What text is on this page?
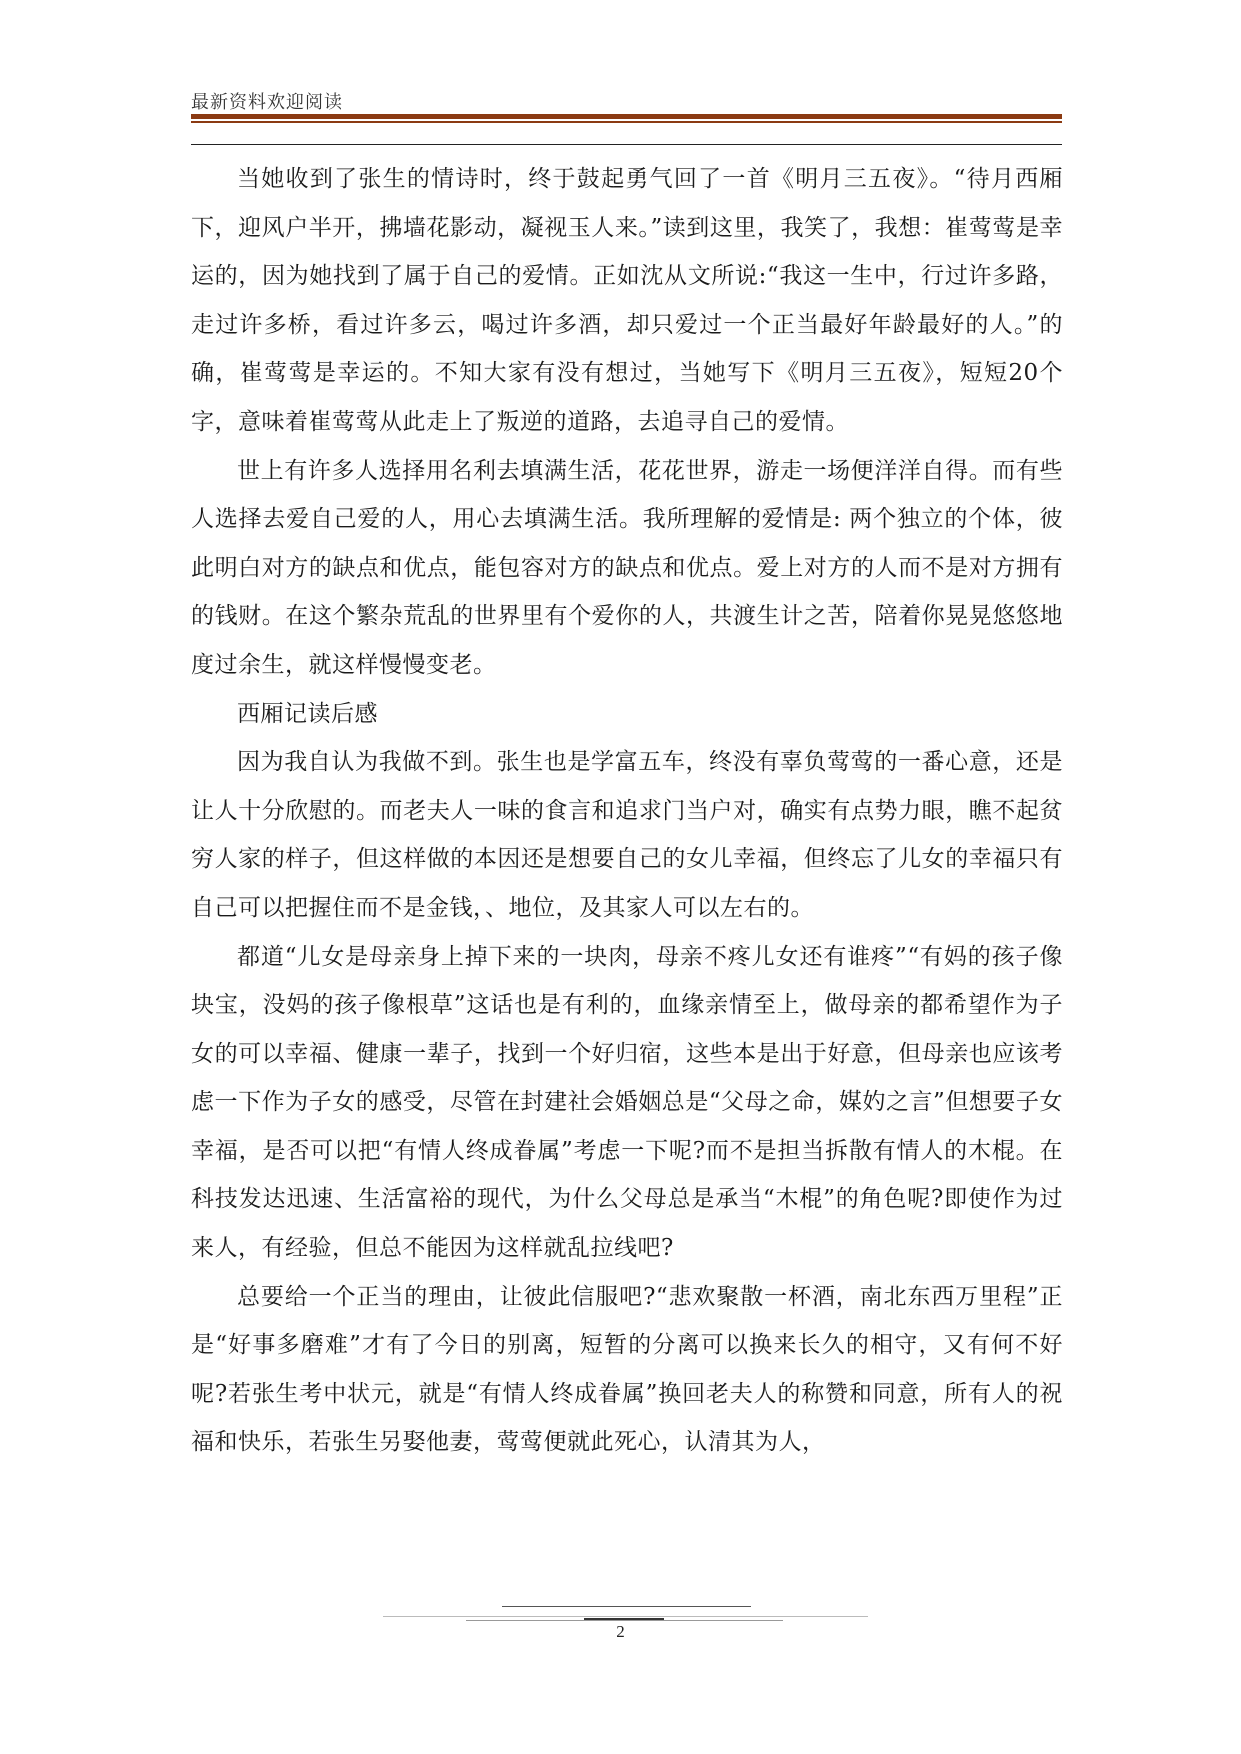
最新资料欢迎阅读

当她收到了张生的情诗时，终于鼓起勇气回了一首《明月三五夜》。“待月西厢下，迎风户半开，拂墙花影动，凝视玉人来。”读到这里，我笑了，我想：崔莺莺是幸运的，因为她找到了属于自己的爱情。正如沈从文所说:“我这一生中，行过许多路，走过许多桥，看过许多云，喝过许多酒，却只爱过一个正当最好年龄最好的人。”的确，崔莺莺是幸运的。不知大家有没有想过，当她写下《明月三五夜》，短短20个字，意味着崔莺莺从此走上了叛逆的道路，去追寻自己的爱情。

世上有许多人选择用名利去填满生活，花花世界，游走一场便洋洋自得。而有些人选择去爱自己爱的人，用心去填满生活。我所理解的爱情是: 两个独立的个体，彼此明白对方的缺点和优点，能包容对方的缺点和优点。爱上对方的人而不是对方拥有的钱财。在这个繁杂荒乱的世界里有个爱你的人，共渡生计之苦，陪着你晃晃悠悠地度过余生，就这样慢慢变老。

西厢记读后感

因为我自认为我做不到。张生也是学富五车，终没有辜负莺莺的一番心意，还是让人十分欣慰的。而老夫人一味的食言和追求门当户对，确实有点势力眼，瞧不起贫穷人家的样子，但这样做的本因还是想要自己的女儿幸福，但终忘了儿女的幸福只有自己可以把握住而不是金钱，、地位，及其家人可以左右的。

都道“儿女是母亲身上掉下来的一块肉，母亲不疼儿女还有谁疼”“有妈的孩子像块宝，没妈的孩子像根草”这话也是有利的，血缘亲情至上，做母亲的都希望作为子女的可以幸福、健康一辈子，找到一个好归宿，这些本是出于好意，但母亲也应该考虑一下作为子女的感受，尽管在封建社会婚姻总是“父母之命，媒妁之言”但想要子女幸福，是否可以把“有情人终成眷属”考虑一下呢?而不是担当拆散有情人的木棍。在科技发达迅速、生活富裕的现代，为什么父母总是承当“木棍”的角色呢?即使作为过来人，有经验，但总不能因为这样就乱拉线吧?

总要给一个正当的理由，让彼此信服吧?“悲欢聚散一杯酒，南北东西万里程”正是“好事多磨难”才有了今日的别离，短暂的分离可以换来长久的相守，又有何不好呢?若张生考中状元，就是“有情人终成眷属”换回老夫人的称赞和同意，所有人的祝福和快乐，若张生另娶他妻，莺莺便就此死心，认清其为人，

2
